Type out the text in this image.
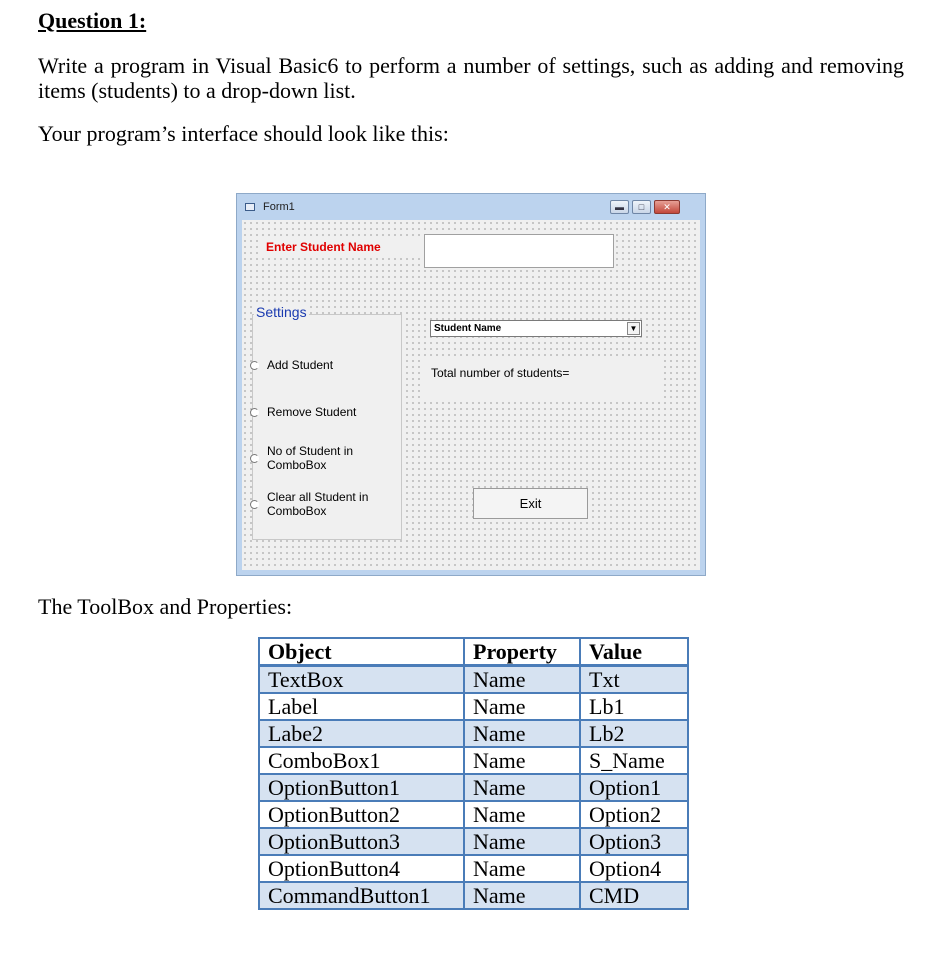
Question 1:
Write a program in Visual Basic6 to perform a number of settings, such as adding and removing items (students) to a drop-down list.
Your program’s interface should look like this:
Form1	▬	□	✕
Enter Student Name
Settings
Add Student
Remove Student
No of Student in ComboBox
Clear all Student in ComboBox
Student Name	▼
Total number of students=
Exit
The ToolBox and Properties:
Object	Property	Value
TextBox	Name	Txt
Label	Name	Lb1
Labe2	Name	Lb2
ComboBox1	Name	S_Name
OptionButton1	Name	Option1
OptionButton2	Name	Option2
OptionButton3	Name	Option3
OptionButton4	Name	Option4
CommandButton1	Name	CMD
